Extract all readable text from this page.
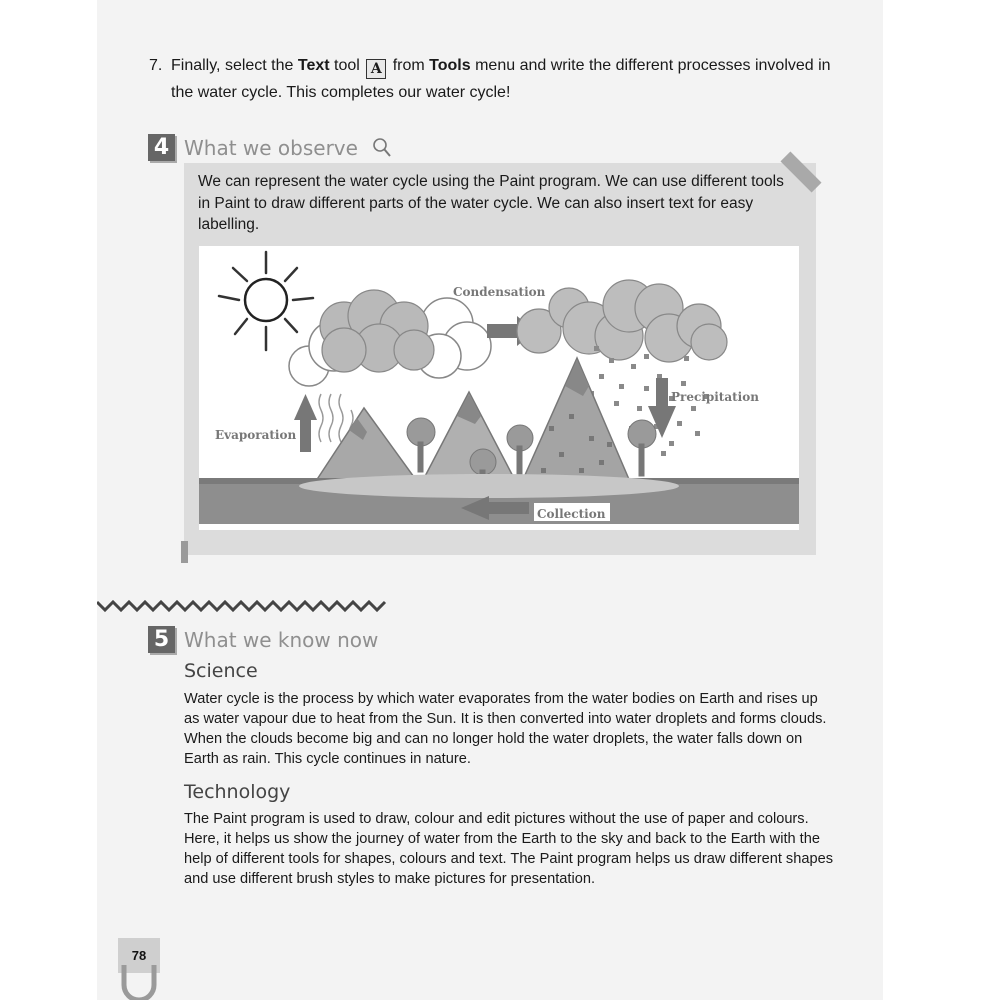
7. Finally, select the Text tool A from Tools menu and write the different processes involved in the water cycle. This completes our water cycle!
4 What we observe
We can represent the water cycle using the Paint program. We can use different tools in Paint to draw different parts of the water cycle. We can also insert text for easy labelling.
Condensation
Precipitation
Evaporation
Collection
5 What we know now
Science
Water cycle is the process by which water evaporates from the water bodies on Earth and rises up as water vapour due to heat from the Sun. It is then converted into water droplets and forms clouds. When the clouds become big and can no longer hold the water droplets, the water falls down on Earth as rain. This cycle continues in nature.
Technology
The Paint program is used to draw, colour and edit pictures without the use of paper and colours. Here, it helps us show the journey of water from the Earth to the sky and back to the Earth with the help of different tools for shapes, colours and text. The Paint program helps us draw different shapes and use different brush styles to make pictures for presentation.
78
